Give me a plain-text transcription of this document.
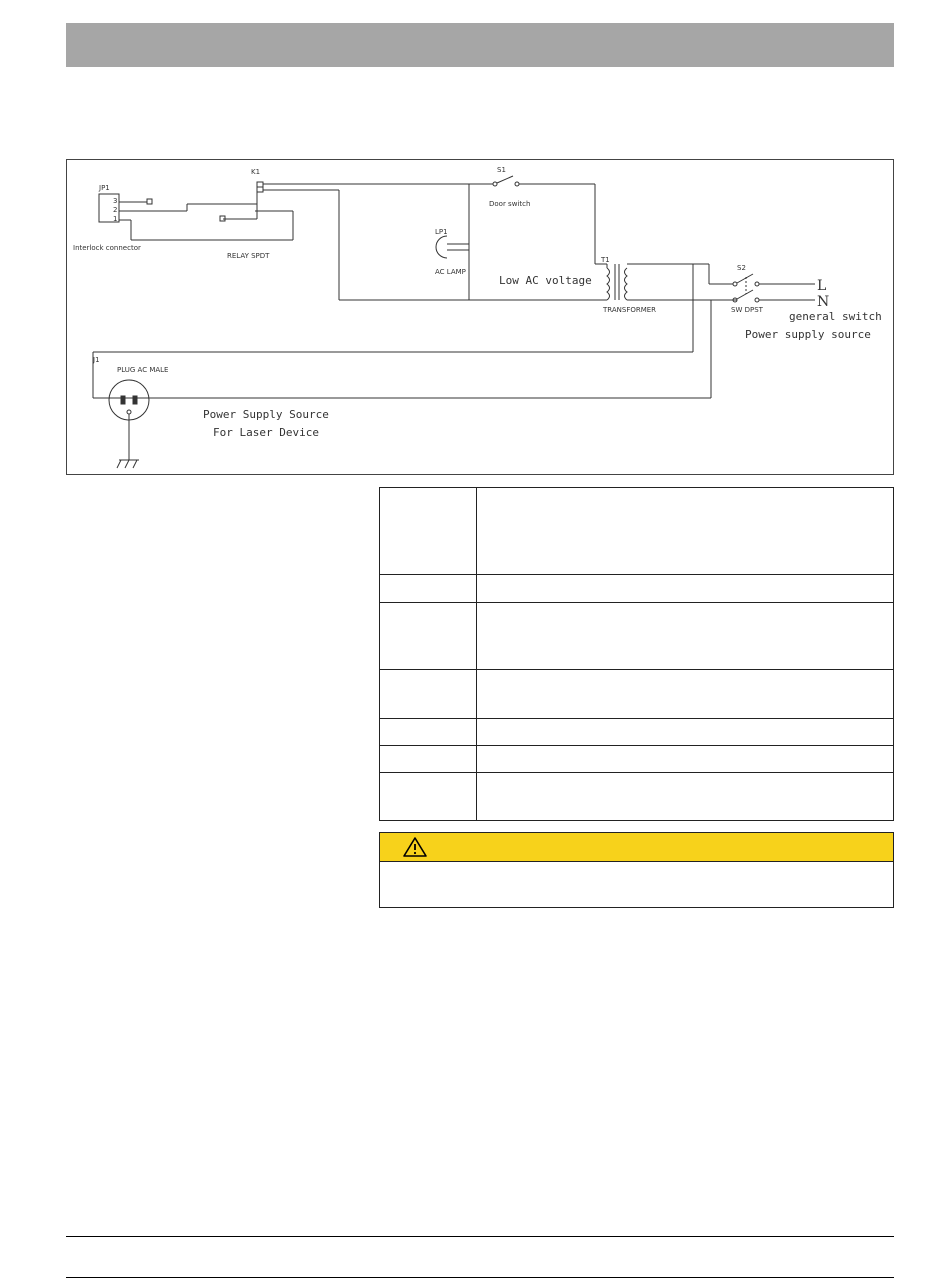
JP1
3
2
1
Interlock connector
K1
RELAY SPDT
S1
Door switch
LP1
AC LAMP
T1
TRANSFORMER
S2
SW DPST
J1
PLUG AC MALE
Low AC voltage
general switch
Power supply source
Power Supply Source
For Laser Device
L
N
